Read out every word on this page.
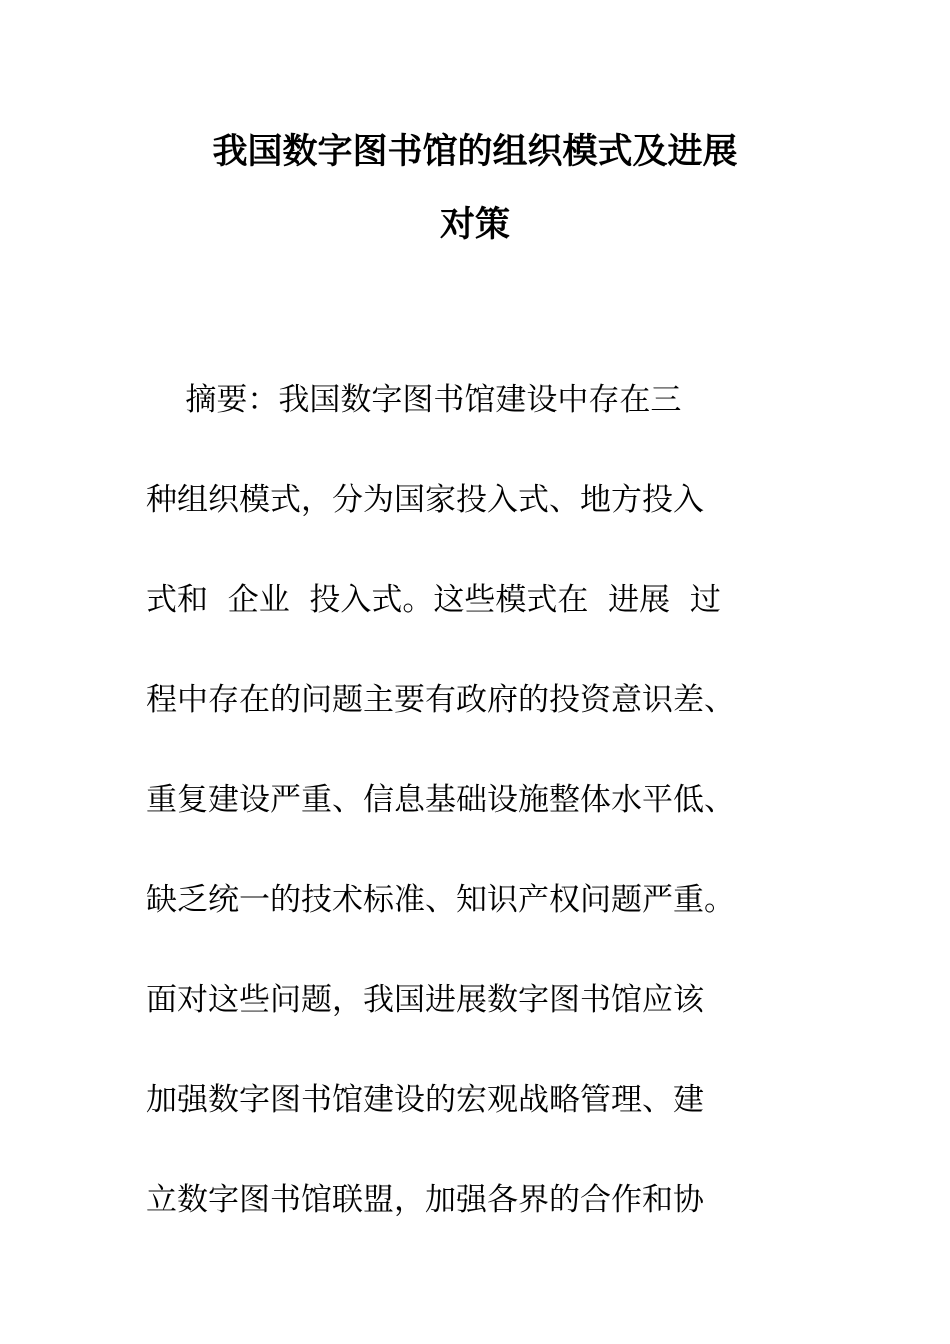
我国数字图书馆的组织模式及进展
对策
摘要：我国数字图书馆建设中存在三
种组织模式，分为国家投入式、地方投入
式和  企业  投入式。这些模式在  进展  过
程中存在的问题主要有政府的投资意识差、
重复建设严重、信息基础设施整体水平低、
缺乏统一的技术标准、知识产权问题严重。
面对这些问题，我国进展数字图书馆应该
加强数字图书馆建设的宏观战略管理、建
立数字图书馆联盟，加强各界的合作和协
